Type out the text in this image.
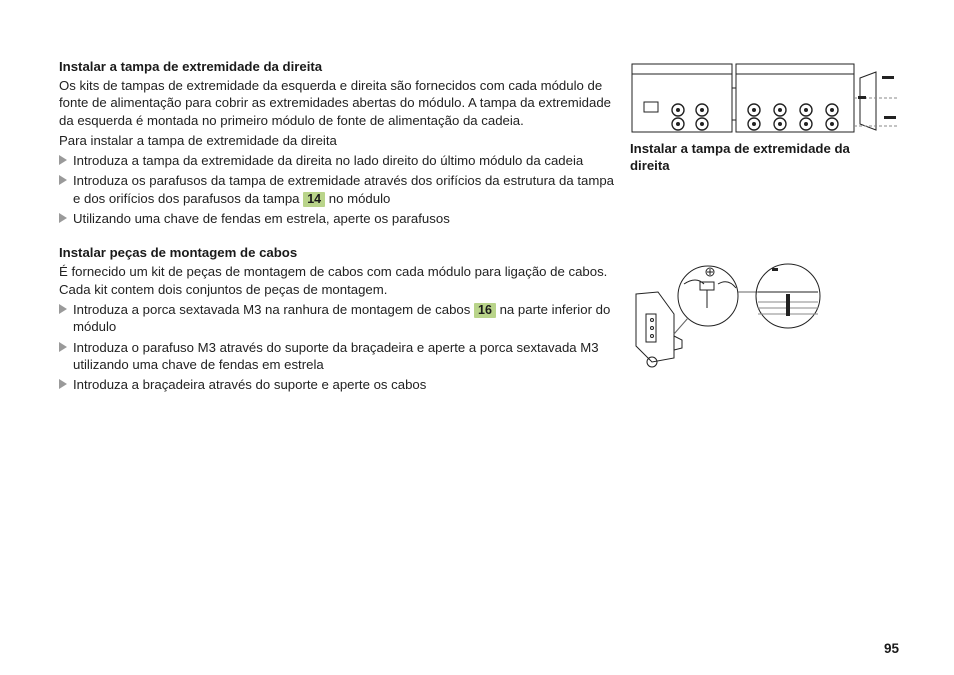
Instalar a tampa de extremidade da direita

Os kits de tampas de extremidade da esquerda e direita são fornecidos com cada módulo de fonte de alimentação para cobrir as extremidades abertas do módulo. A tampa da extremidade da esquerda é montada no primeiro módulo de fonte de alimentação da cadeia.

Para instalar a tampa de extremidade da direita

Introduza a tampa da extremidade da direita no lado direito do último módulo da cadeia
Introduza os parafusos da tampa de extremidade através dos orifícios da estrutura da tampa e dos orifícios dos parafusos da tampa 14 no módulo
Utilizando uma chave de fendas em estrela, aperte os parafusos
Instalar peças de montagem de cabos

É fornecido um kit de peças de montagem de cabos com cada módulo para ligação de cabos. Cada kit contem dois conjuntos de peças de montagem.

Introduza a porca sextavada M3 na ranhura de montagem de cabos 16 na parte inferior do módulo
Introduza o parafuso M3 através do suporte da braçadeira e aperte a porca sextavada M3 utilizando uma chave de fendas em estrela
Introduza a braçadeira através do suporte e aperte os cabos
Instalar a tampa de extremidade da direita
95
